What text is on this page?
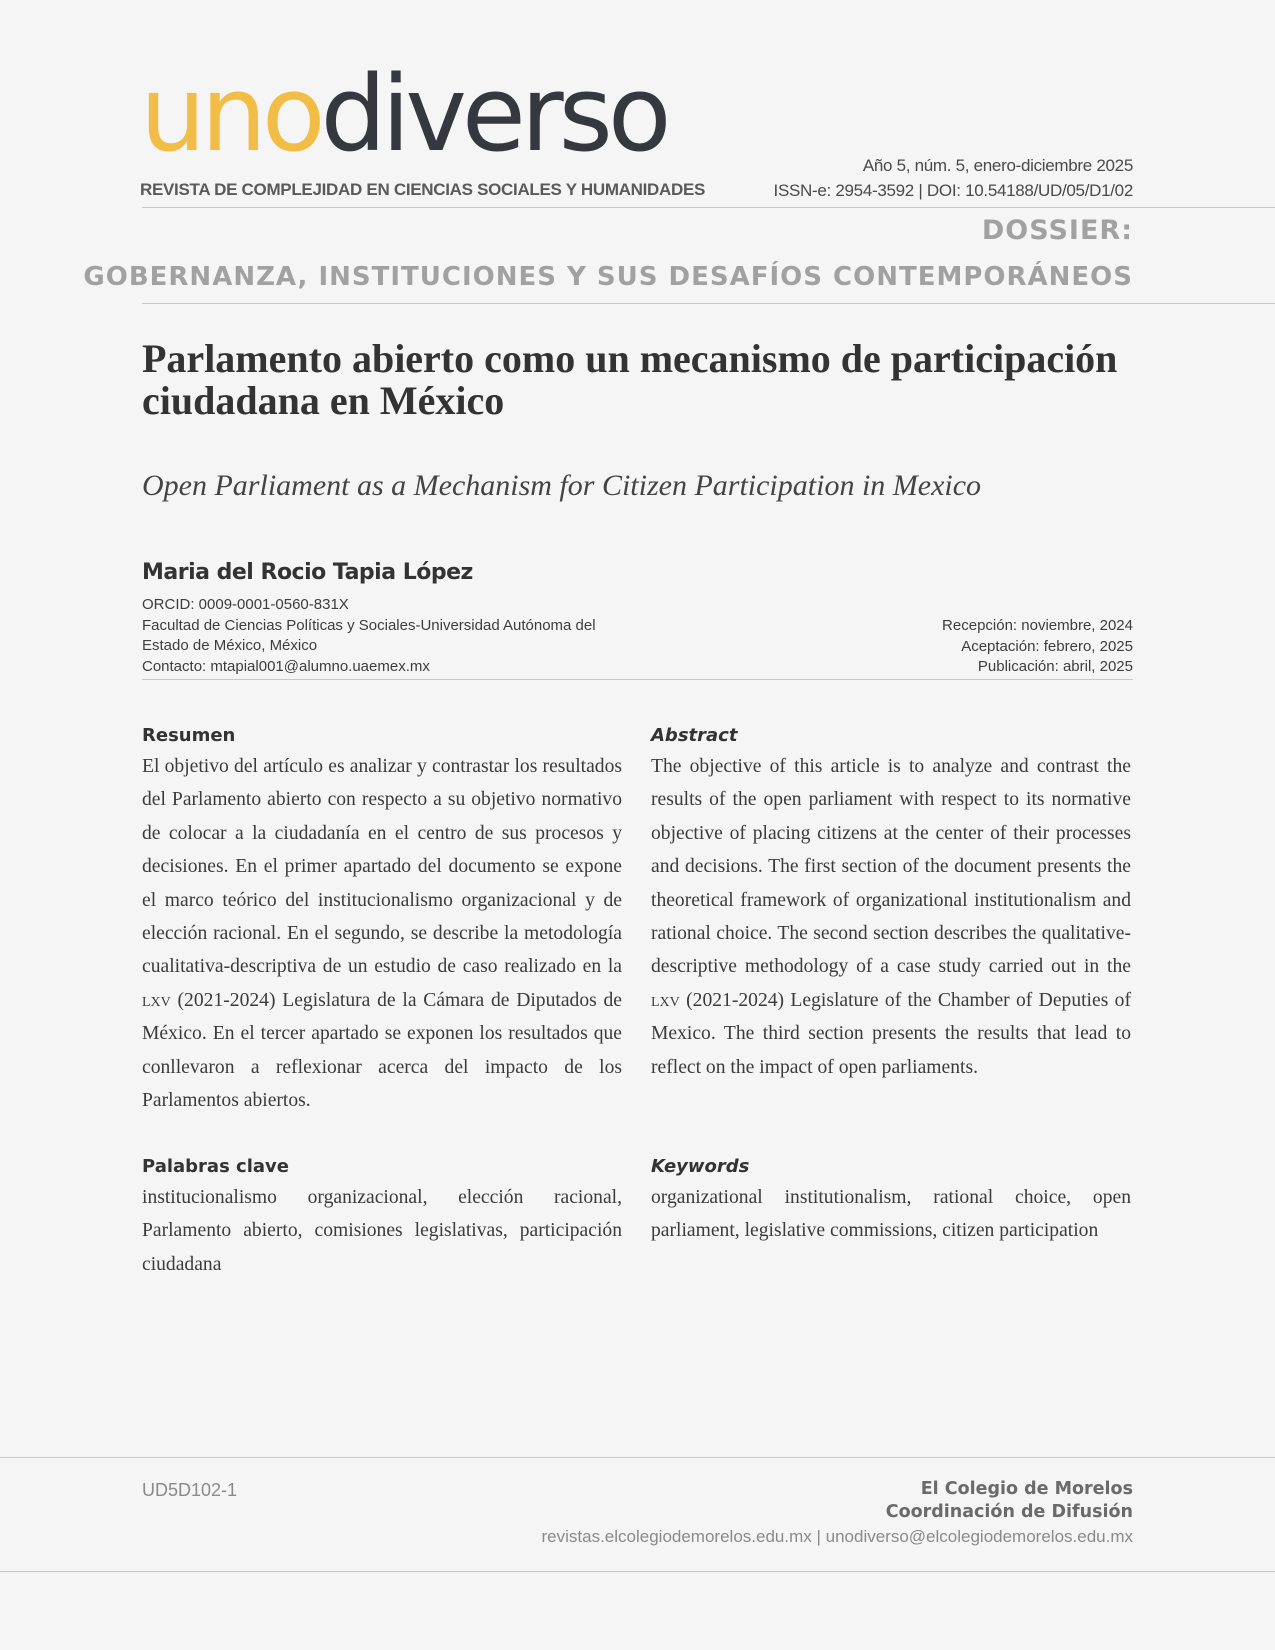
unodiverso
REVISTA DE COMPLEJIDAD EN CIENCIAS SOCIALES Y HUMANIDADES
Año 5, núm. 5, enero-diciembre 2025
ISSN-e: 2954-3592 | DOI: 10.54188/UD/05/D1/02
DOSSIER:
GOBERNANZA, INSTITUCIONES Y SUS DESAFÍOS CONTEMPORÁNEOS
Parlamento abierto como un mecanismo de participación ciudadana en México
Open Parliament as a Mechanism for Citizen Participation in Mexico
Maria del Rocio Tapia López
ORCID: 0009-0001-0560-831X
Facultad de Ciencias Políticas y Sociales-Universidad Autónoma del
Estado de México, México
Contacto: mtapial001@alumno.uaemex.mx
Recepción: noviembre, 2024
Aceptación: febrero, 2025
Publicación: abril, 2025
Resumen

El objetivo del artículo es analizar y contrastar los resultados del Parlamento abierto con respecto a su objetivo normativo de colocar a la ciudadanía en el centro de sus procesos y decisiones. En el primer apartado del documento se expone el marco teórico del institucionalismo organizacional y de elección racional. En el segundo, se describe la metodología cualitativa-descriptiva de un estudio de caso realizado en la lxv (2021-2024) Legislatura de la Cámara de Diputados de México. En el tercer apartado se exponen los resultados que conllevaron a reflexionar acerca del impacto de los Parlamentos abiertos.

Abstract

The objective of this article is to analyze and contrast the results of the open parliament with respect to its normative objective of placing citizens at the center of their processes and decisions. The first section of the document presents the theoretical framework of organizational institutionalism and rational choice. The second section describes the qualitative-descriptive methodology of a case study carried out in the lxv (2021-2024) Legislature of the Chamber of Deputies of Mexico. The third section presents the results that lead to reflect on the impact of open parliaments.

Palabras clave

institucionalismo organizacional, elección racional, Parlamento abierto, comisiones legislativas, participación ciudadana

Keywords

organizational institutionalism, rational choice, open parliament, legislative commissions, citizen participation

UD5D102-1	El Colegio de Morelos
Coordinación de Difusión
revistas.elcolegiodemorelos.edu.mx | unodiverso@elcolegiodemorelos.edu.mx
